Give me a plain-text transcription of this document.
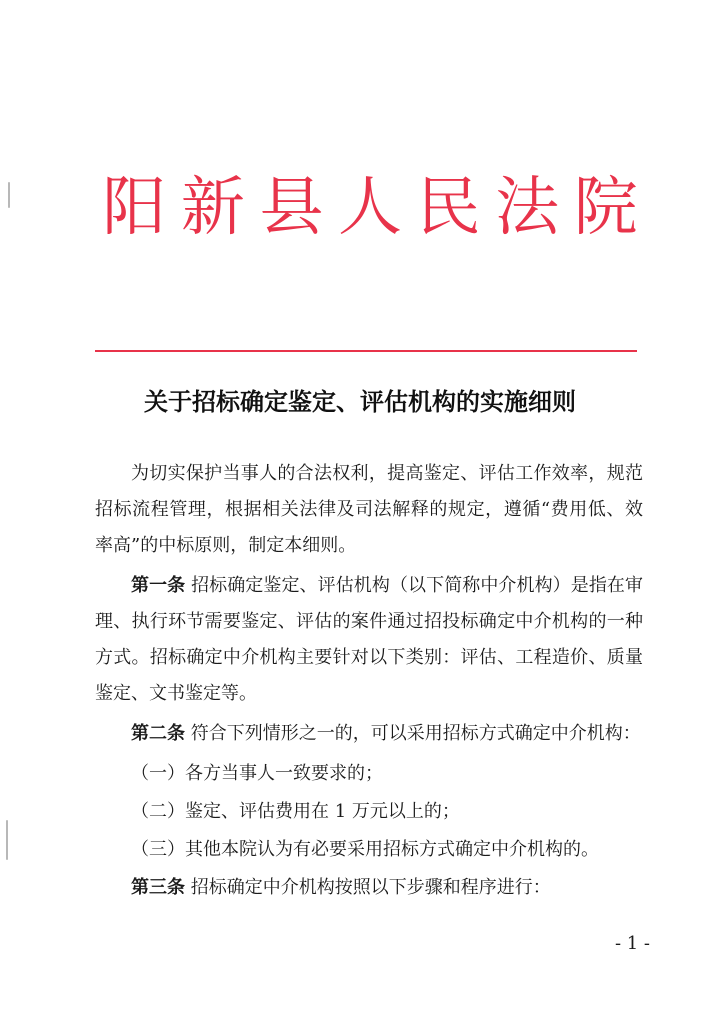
阳 新 县 人 民 法 院
关于招标确定鉴定、评估机构的实施细则

为切实保护当事人的合法权利，提高鉴定、评估工作效率，规范招标流程管理，根据相关法律及司法解释的规定，遵循“费用低、效率高”的中标原则，制定本细则。

第一条 招标确定鉴定、评估机构（以下简称中介机构）是指在审理、执行环节需要鉴定、评估的案件通过招投标确定中介机构的一种方式。招标确定中介机构主要针对以下类别：评估、工程造价、质量鉴定、文书鉴定等。

第二条 符合下列情形之一的，可以采用招标方式确定中介机构：

（一）各方当事人一致要求的；

（二）鉴定、评估费用在 1 万元以上的；

（三）其他本院认为有必要采用招标方式确定中介机构的。

第三条 招标确定中介机构按照以下步骤和程序进行：

- 1 -
